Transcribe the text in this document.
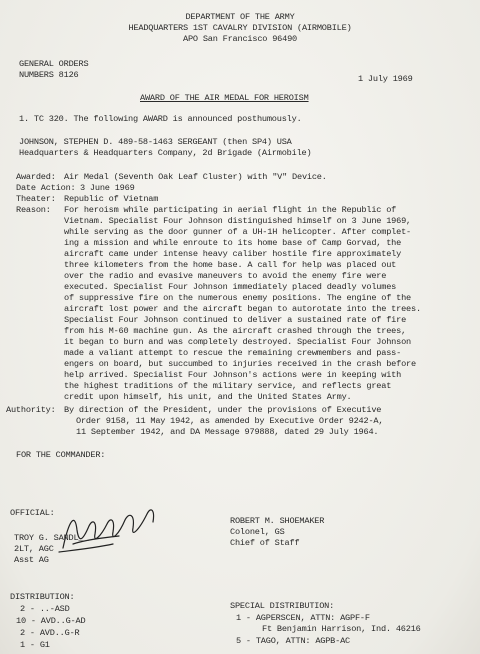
DEPARTMENT OF THE ARMY
HEADQUARTERS 1ST CAVALRY DIVISION (AIRMOBILE)
APO San Francisco 96490
GENERAL ORDERS
NUMBERS 8126	1 July 1969
AWARD OF THE AIR MEDAL FOR HEROISM
1. TC 320. The following AWARD is announced posthumously.
JOHNSON, STEPHEN D. 489-58-1463 SERGEANT (then SP4) USA
Headquarters & Headquarters Company, 2d Brigade (Airmobile)
Awarded: Air Medal (Seventh Oak Leaf Cluster) with "V" Device.
Date Action: 3 June 1969
Theater: Republic of Vietnam
Reason: For heroism while participating in aerial flight in the Republic of
Vietnam. Specialist Four Johnson distinguished himself on 3 June 1969,
while serving as the door gunner of a UH-1H helicopter. After complet-
ing a mission and while enroute to its home base of Camp Gorvad, the
aircraft came under intense heavy caliber hostile fire approximately
three kilometers from the home base. A call for help was placed out
over the radio and evasive maneuvers to avoid the enemy fire were
executed. Specialist Four Johnson immediately placed deadly volumes
of suppressive fire on the numerous enemy positions. The engine of the
aircraft lost power and the aircraft began to autorotate into the trees.
Specialist Four Johnson continued to deliver a sustained rate of fire
from his M-60 machine gun. As the aircraft crashed through the trees,
it began to burn and was completely destroyed. Specialist Four Johnson
made a valiant attempt to rescue the remaining crewmembers and pass-
engers on board, but succumbed to injuries received in the crash before
help arrived. Specialist Four Johnson's actions were in keeping with
the highest traditions of the military service, and reflects great
credit upon himself, his unit, and the United States Army.
Authority: By direction of the President, under the provisions of Executive
Order 9158, 11 May 1942, as amended by Executive Order 9242-A,
11 September 1942, and DA Message 979888, dated 29 July 1964.
FOR THE COMMANDER:
OFFICIAL:
TROY G. SANDL__
2LT, AGC
Asst AG
ROBERT M. SHOEMAKER
Colonel, GS
Chief of Staff
DISTRIBUTION:
2 - ..-ASD
10 - AVD..G-AD
2 - AVD..G-R
1 - G1
SPECIAL DISTRIBUTION:
1 - AGPERSCEN, ATTN: AGPF-F
Ft Benjamin Harrison, Ind. 46216
5 - TAGO, ATTN: AGPB-AC
